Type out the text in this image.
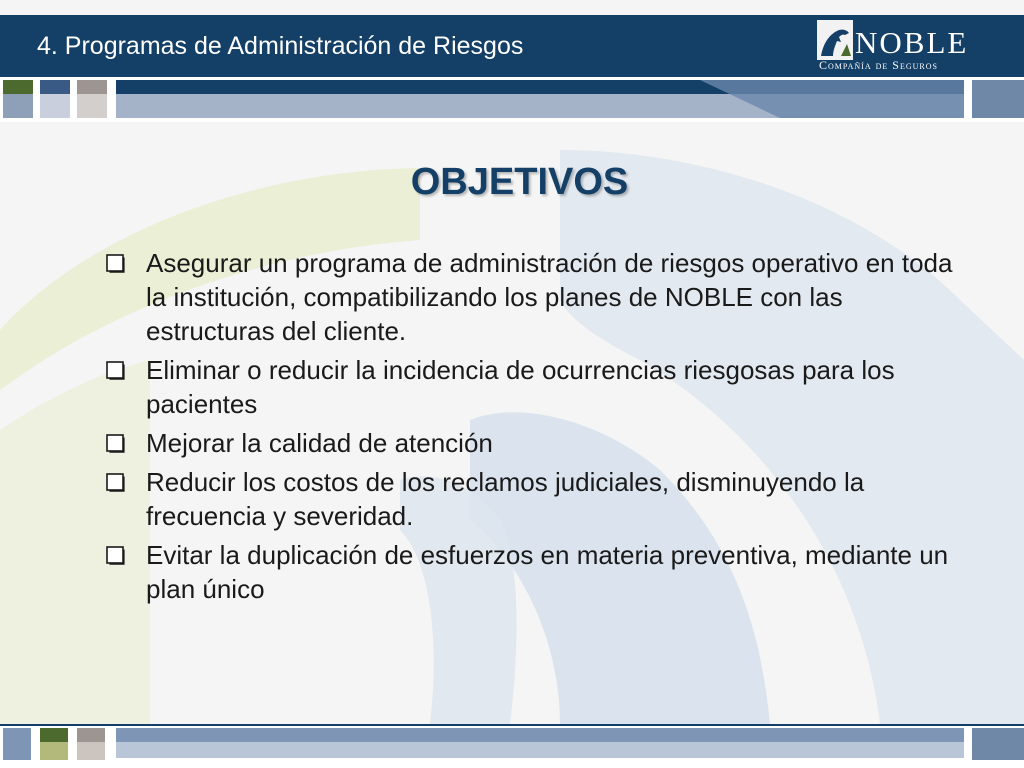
4. Programas de Administración de Riesgos	NOBLE
Compañía de Seguros
OBJETIVOS
Asegurar un programa de administración de riesgos operativo en toda la institución, compatibilizando los planes de NOBLE con las estructuras del cliente.
Eliminar o reducir la incidencia de ocurrencias riesgosas para los pacientes
Mejorar la calidad de atención
Reducir los costos de los reclamos judiciales, disminuyendo la frecuencia y severidad.
Evitar la duplicación de esfuerzos en materia preventiva, mediante un plan único
